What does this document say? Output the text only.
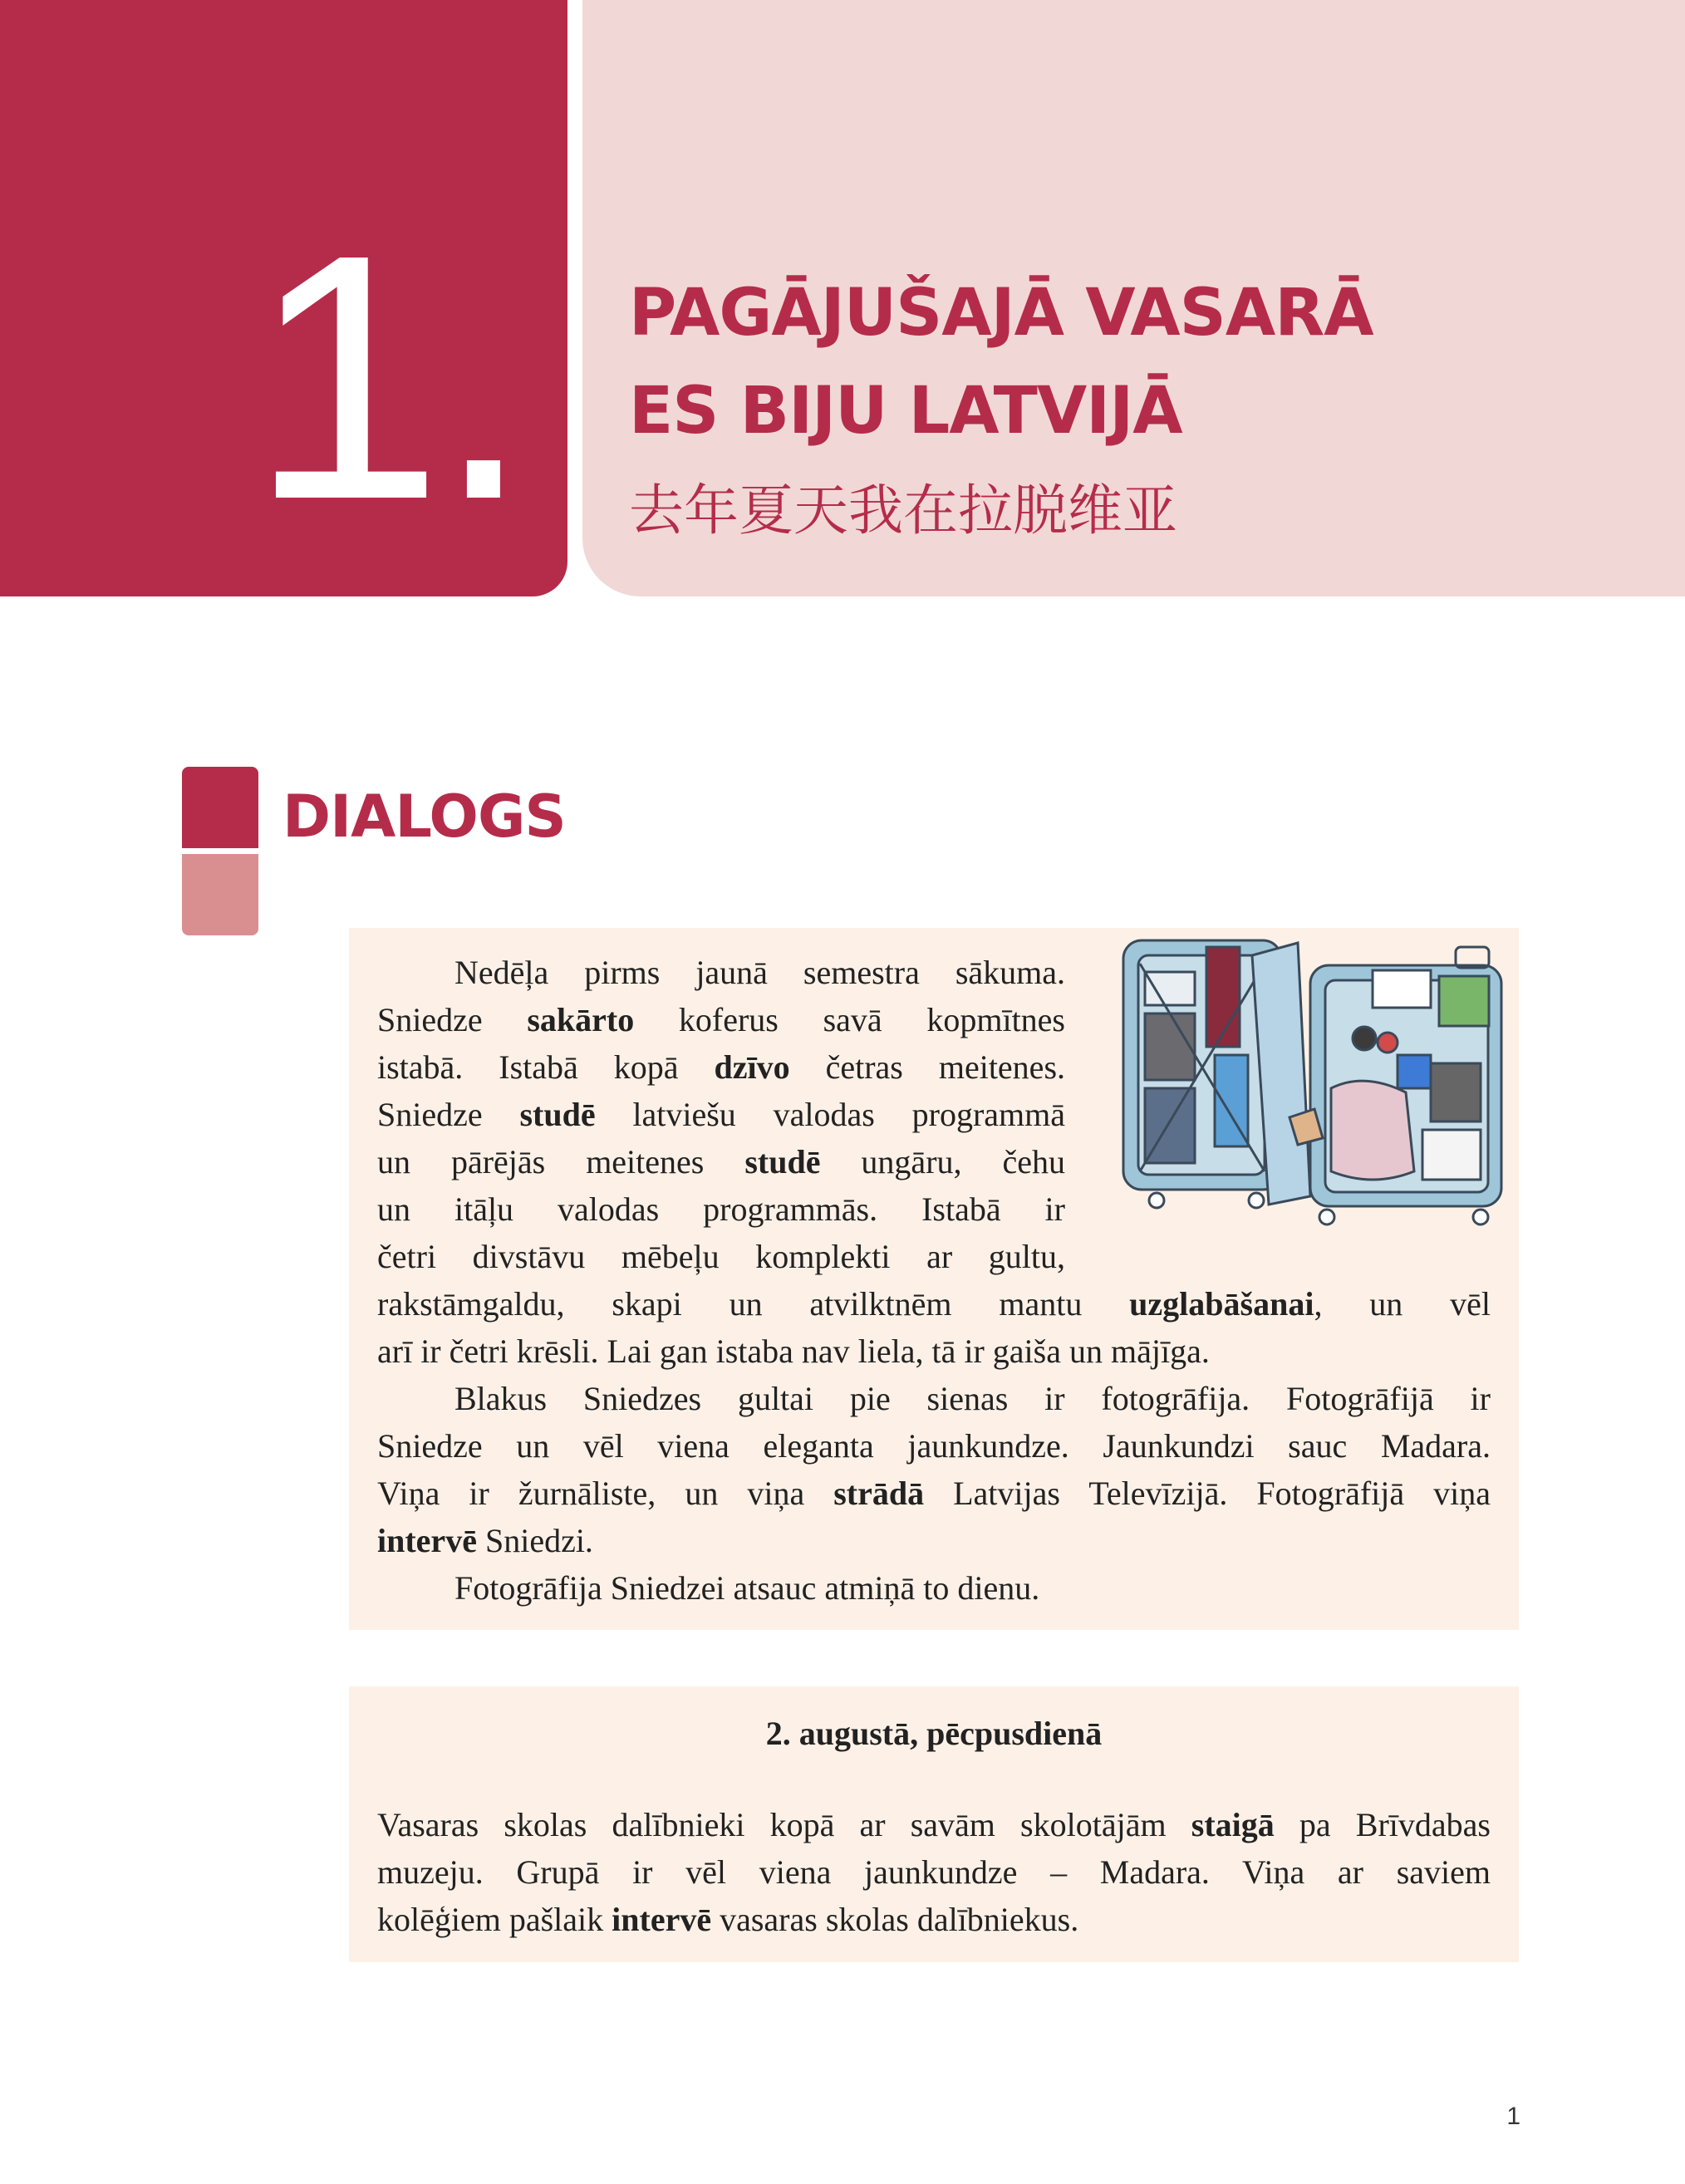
1.	PAGĀJUŠAJĀ VASARĀ
ES BIJU LATVIJĀ
去年夏天我在拉脱维亚
DIALOGS
Nedēļa pirms jaunā semestra sākuma.
Sniedze sakārto koferus savā kopmītnes
istabā. Istabā kopā dzīvo četras meitenes.
Sniedze studē latviešu valodas programmā
un pārējās meitenes studē ungāru, čehu
un itāļu valodas programmās. Istabā ir
četri divstāvu mēbeļu komplekti ar gultu,
rakstāmgaldu, skapi un atvilktnēm mantu uzglabāšanai, un vēl
arī ir četri krēsli. Lai gan istaba nav liela, tā ir gaiša un mājīga.
Blakus Sniedzes gultai pie sienas ir fotogrāfija. Fotogrāfijā ir
Sniedze un vēl viena eleganta jaunkundze. Jaunkundzi sauc Madara.
Viņa ir žurnāliste, un viņa strādā Latvijas Televīzijā. Fotogrāfijā viņa
intervē Sniedzi.
Fotogrāfija Sniedzei atsauc atmiņā to dienu.
2. augustā, pēcpusdienā
Vasaras skolas dalībnieki kopā ar savām skolotājām staigā pa Brīvdabas
muzeju. Grupā ir vēl viena jaunkundze – Madara. Viņa ar saviem
kolēģiem pašlaik intervē vasaras skolas dalībniekus.
1
